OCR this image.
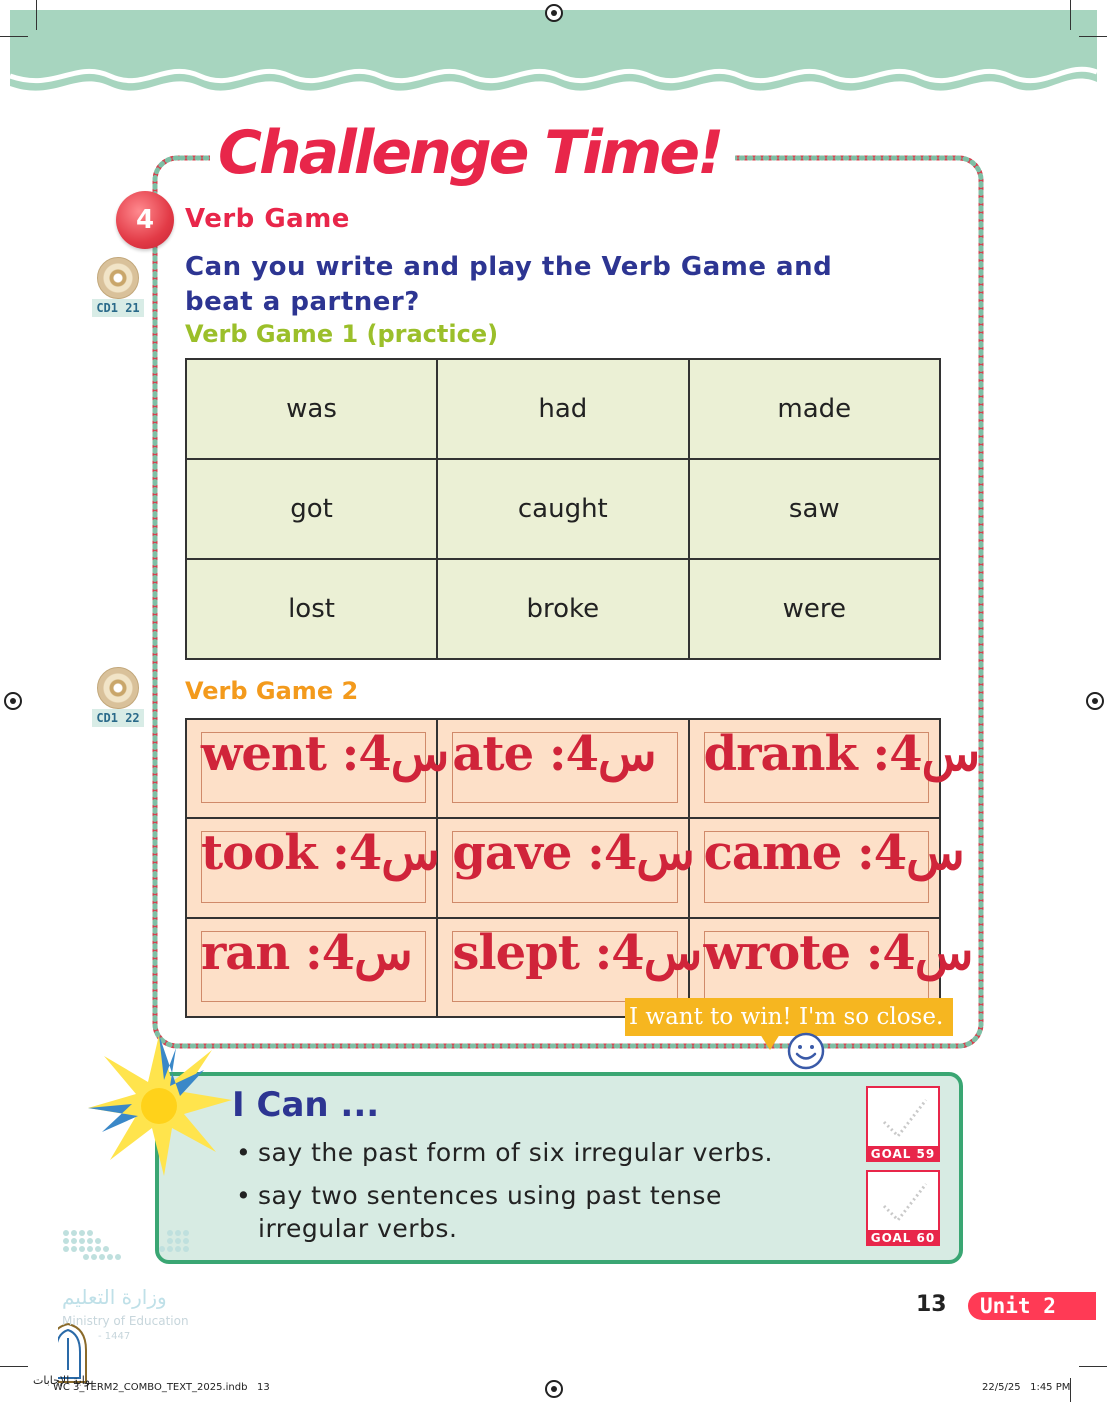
Challenge Time!
4	Verb Game
Can you write and play the Verb Game and beat a partner?
CD1 21
CD1 22
Verb Game 1 (practice)
was	had	made
got	caught	saw
lost	broke	were
Verb Game 2
went :4س	ate :4س	drank :4س

took :4س	gave :4س	came :4س

ran :4س	slept :4س	wrote :4س
I want to win! I'm so close.
I Can ...
• say the past form of six irregular verbs.
• say two sentences using past tense irregular verbs.
GOAL 59
GOAL 60
وزارة التعليم
Ministry of Education
- 1447
13	Unit 2
بوابة الإجابات
WC 3_TERM2_COMBO_TEXT_2025.indb   13	22/5/25   1:45 PM
